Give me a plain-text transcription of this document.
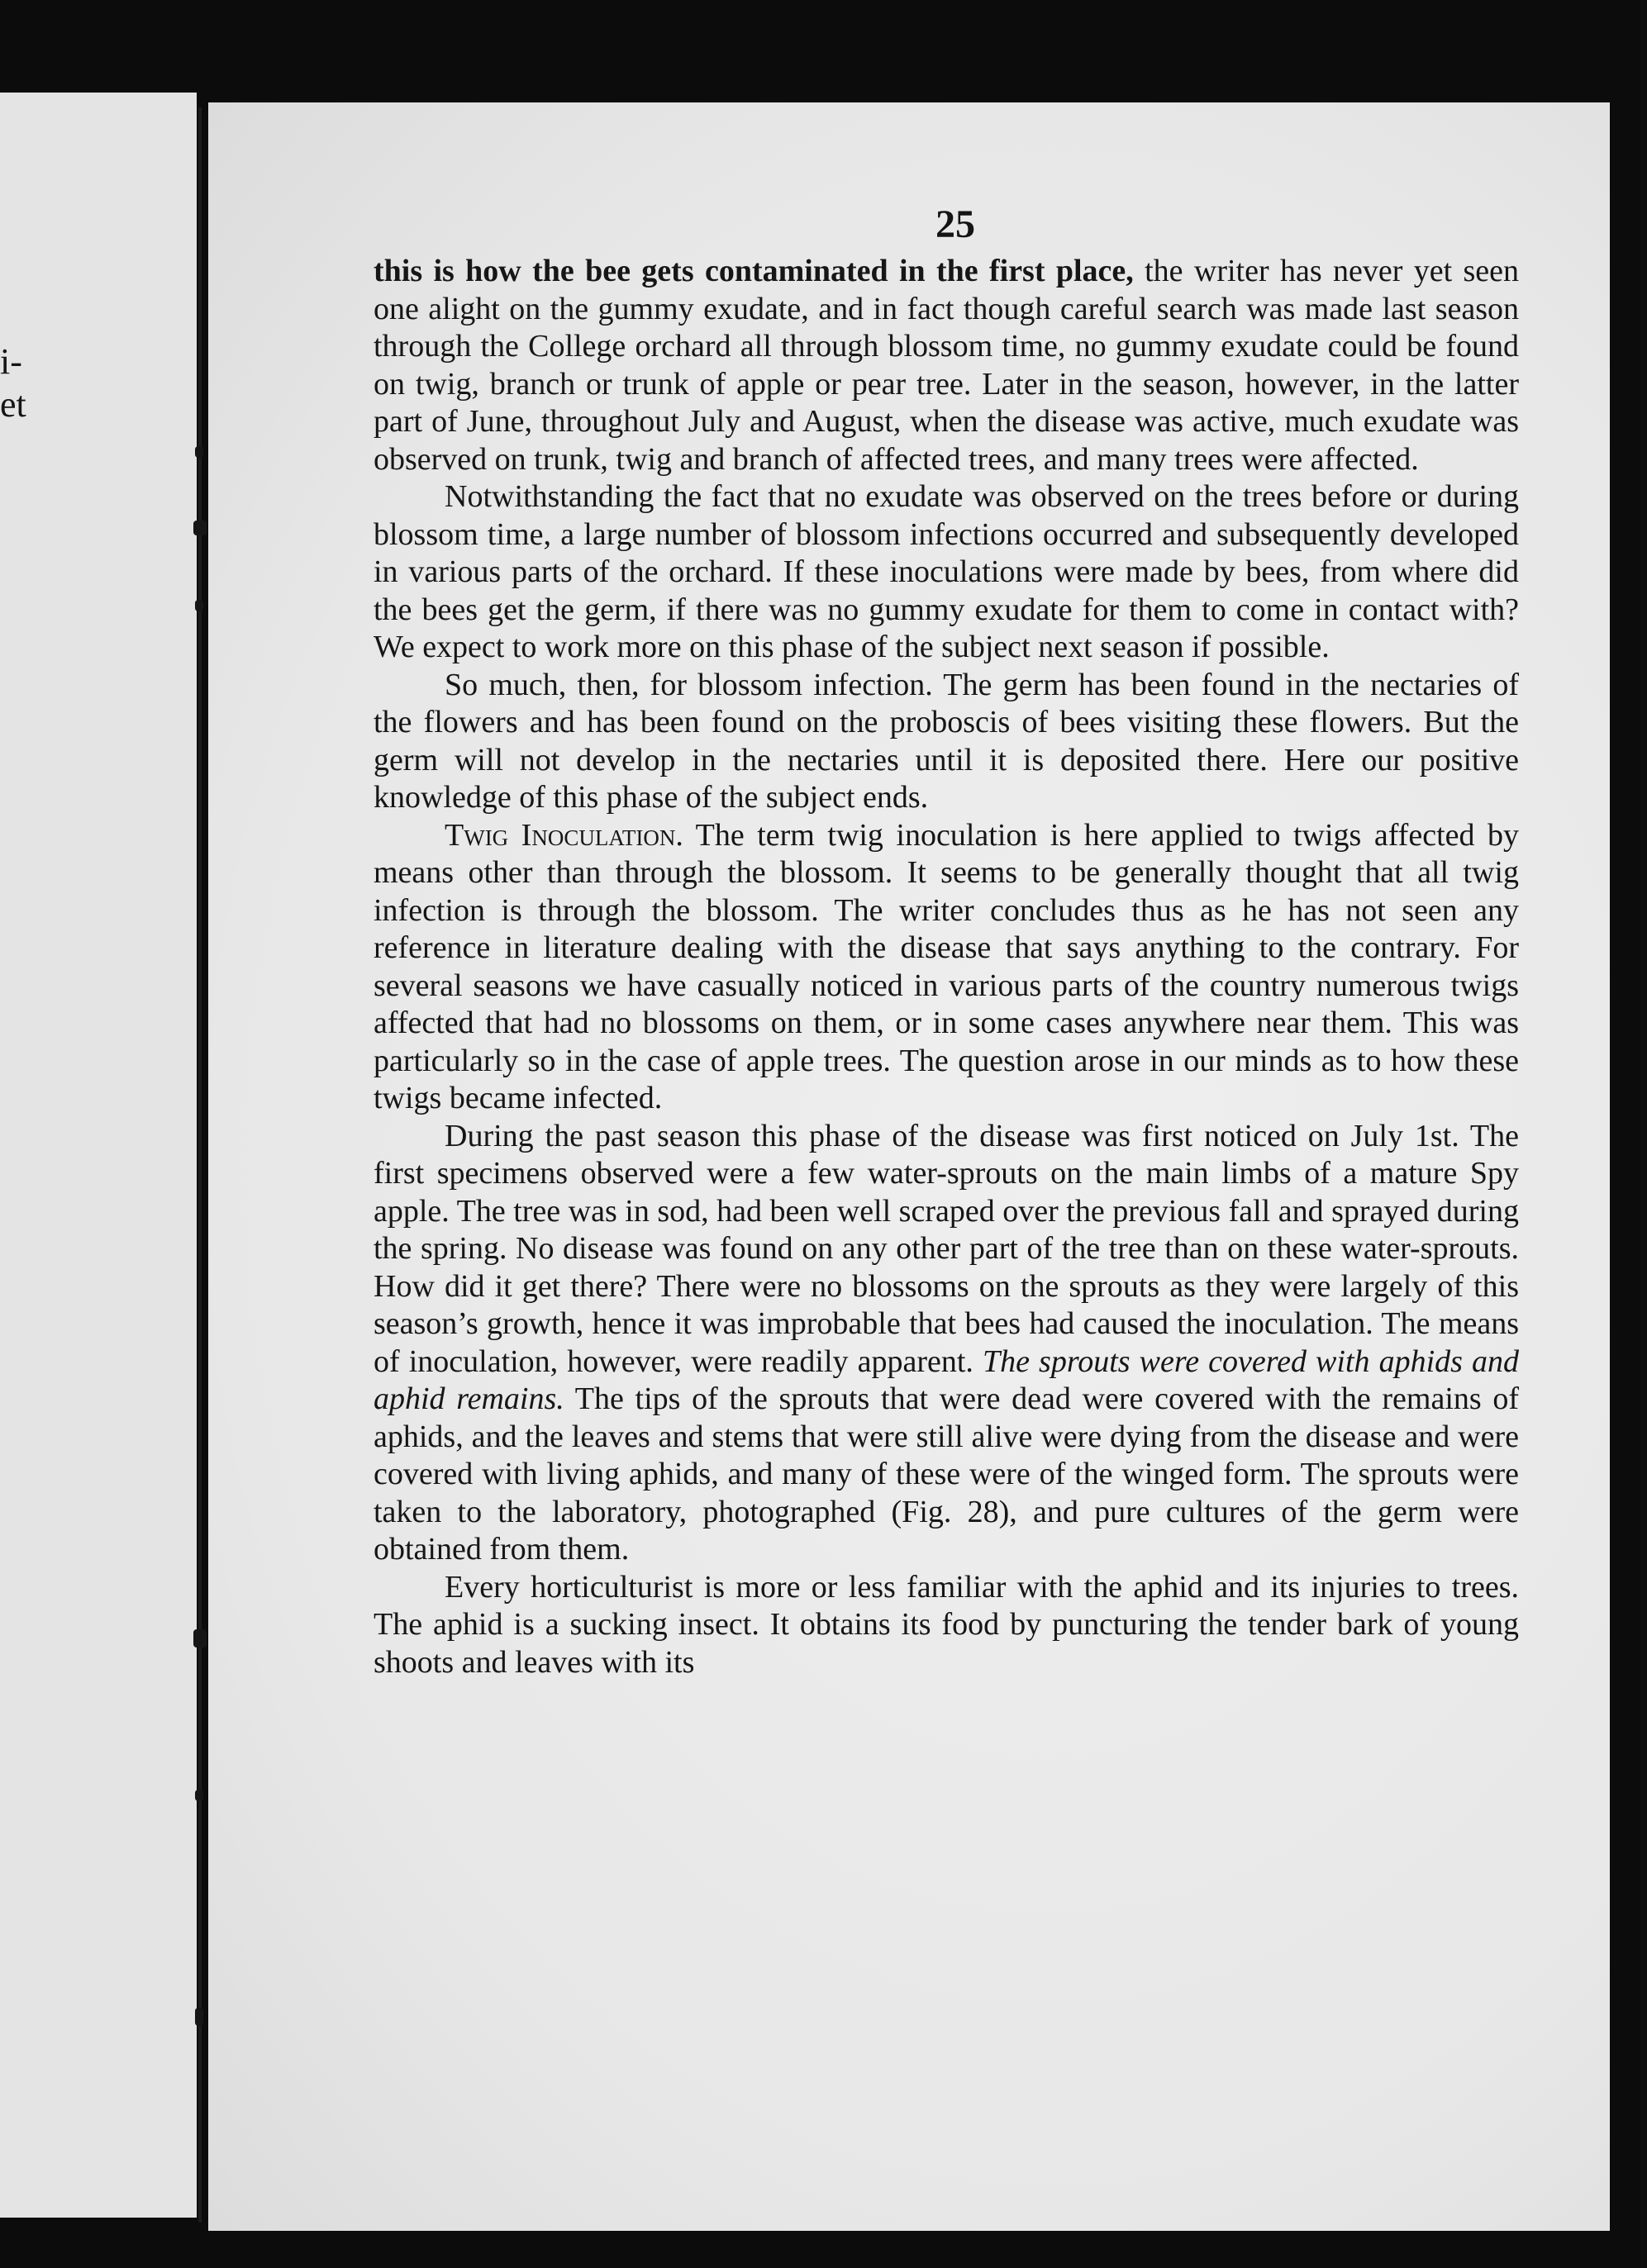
i-
et
25

this is how the bee gets contaminated in the first place, the writer has never yet seen one alight on the gummy exudate, and in fact though careful search was made last season through the College orchard all through blossom time, no gummy exudate could be found on twig, branch or trunk of apple or pear tree. Later in the season, however, in the latter part of June, throughout July and August, when the disease was active, much exudate was observed on trunk, twig and branch of affected trees, and many trees were affected.

Notwithstanding the fact that no exudate was observed on the trees before or during blossom time, a large number of blossom infections occurred and subsequently developed in various parts of the orchard. If these inoculations were made by bees, from where did the bees get the germ, if there was no gummy exudate for them to come in contact with? We expect to work more on this phase of the subject next season if possible.

So much, then, for blossom infection. The germ has been found in the nectaries of the flowers and has been found on the proboscis of bees visiting these flowers. But the germ will not develop in the nectaries until it is deposited there. Here our positive knowledge of this phase of the subject ends.

Twig Inoculation. The term twig inoculation is here applied to twigs affected by means other than through the blossom. It seems to be generally thought that all twig infection is through the blossom. The writer concludes thus as he has not seen any reference in literature dealing with the disease that says anything to the contrary. For several seasons we have casually noticed in various parts of the country numerous twigs affected that had no blossoms on them, or in some cases anywhere near them. This was particularly so in the case of apple trees. The question arose in our minds as to how these twigs became infected.

During the past season this phase of the disease was first noticed on July 1st. The first specimens observed were a few water-sprouts on the main limbs of a mature Spy apple. The tree was in sod, had been well scraped over the previous fall and sprayed during the spring. No disease was found on any other part of the tree than on these water-sprouts. How did it get there? There were no blossoms on the sprouts as they were largely of this season’s growth, hence it was improbable that bees had caused the inoculation. The means of inoculation, however, were readily apparent. The sprouts were covered with aphids and aphid remains. The tips of the sprouts that were dead were covered with the remains of aphids, and the leaves and stems that were still alive were dying from the disease and were covered with living aphids, and many of these were of the winged form. The sprouts were taken to the laboratory, photographed (Fig. 28), and pure cultures of the germ were obtained from them.

Every horticulturist is more or less familiar with the aphid and its injuries to trees. The aphid is a sucking insect. It obtains its food by puncturing the tender bark of young shoots and leaves with its
